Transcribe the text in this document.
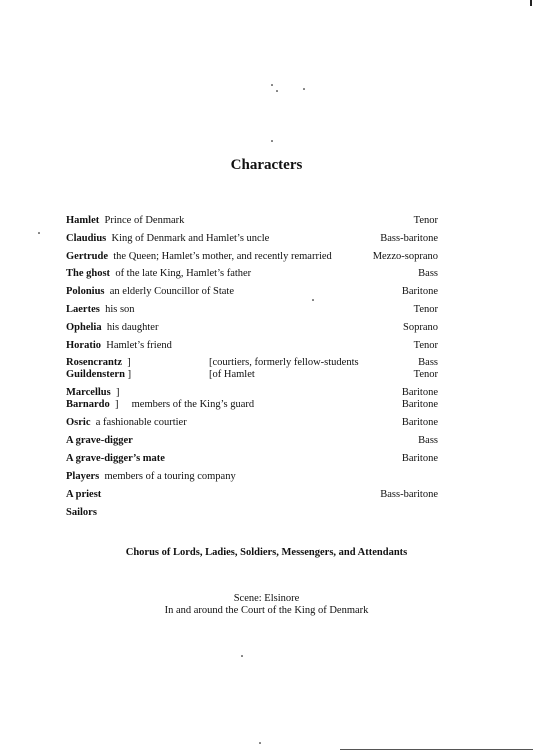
Characters
Hamlet Prince of Denmark	Tenor
Claudius King of Denmark and Hamlet’s uncle	Bass-baritone
Gertrude the Queen; Hamlet’s mother, and recently remarried	Mezzo-soprano
The ghost of the late King, Hamlet’s father	Bass
Polonius an elderly Councillor of State	Baritone
Laertes his son	Tenor
Ophelia his daughter	Soprano
Horatio Hamlet’s friend	Tenor
Rosencrantz ]	[courtiers, formerly fellow-students	Bass
Guildenstern ]	[of Hamlet	Tenor
Marcellus ]	Baritone
Barnardo ] members of the King’s guard	Baritone
Osric a fashionable courtier	Baritone
A grave-digger	Bass
A grave-digger’s mate	Baritone
Players members of a touring company
A priest	Bass-baritone
Sailors
Chorus of Lords, Ladies, Soldiers, Messengers, and Attendants
Scene: Elsinore
In and around the Court of the King of Denmark
